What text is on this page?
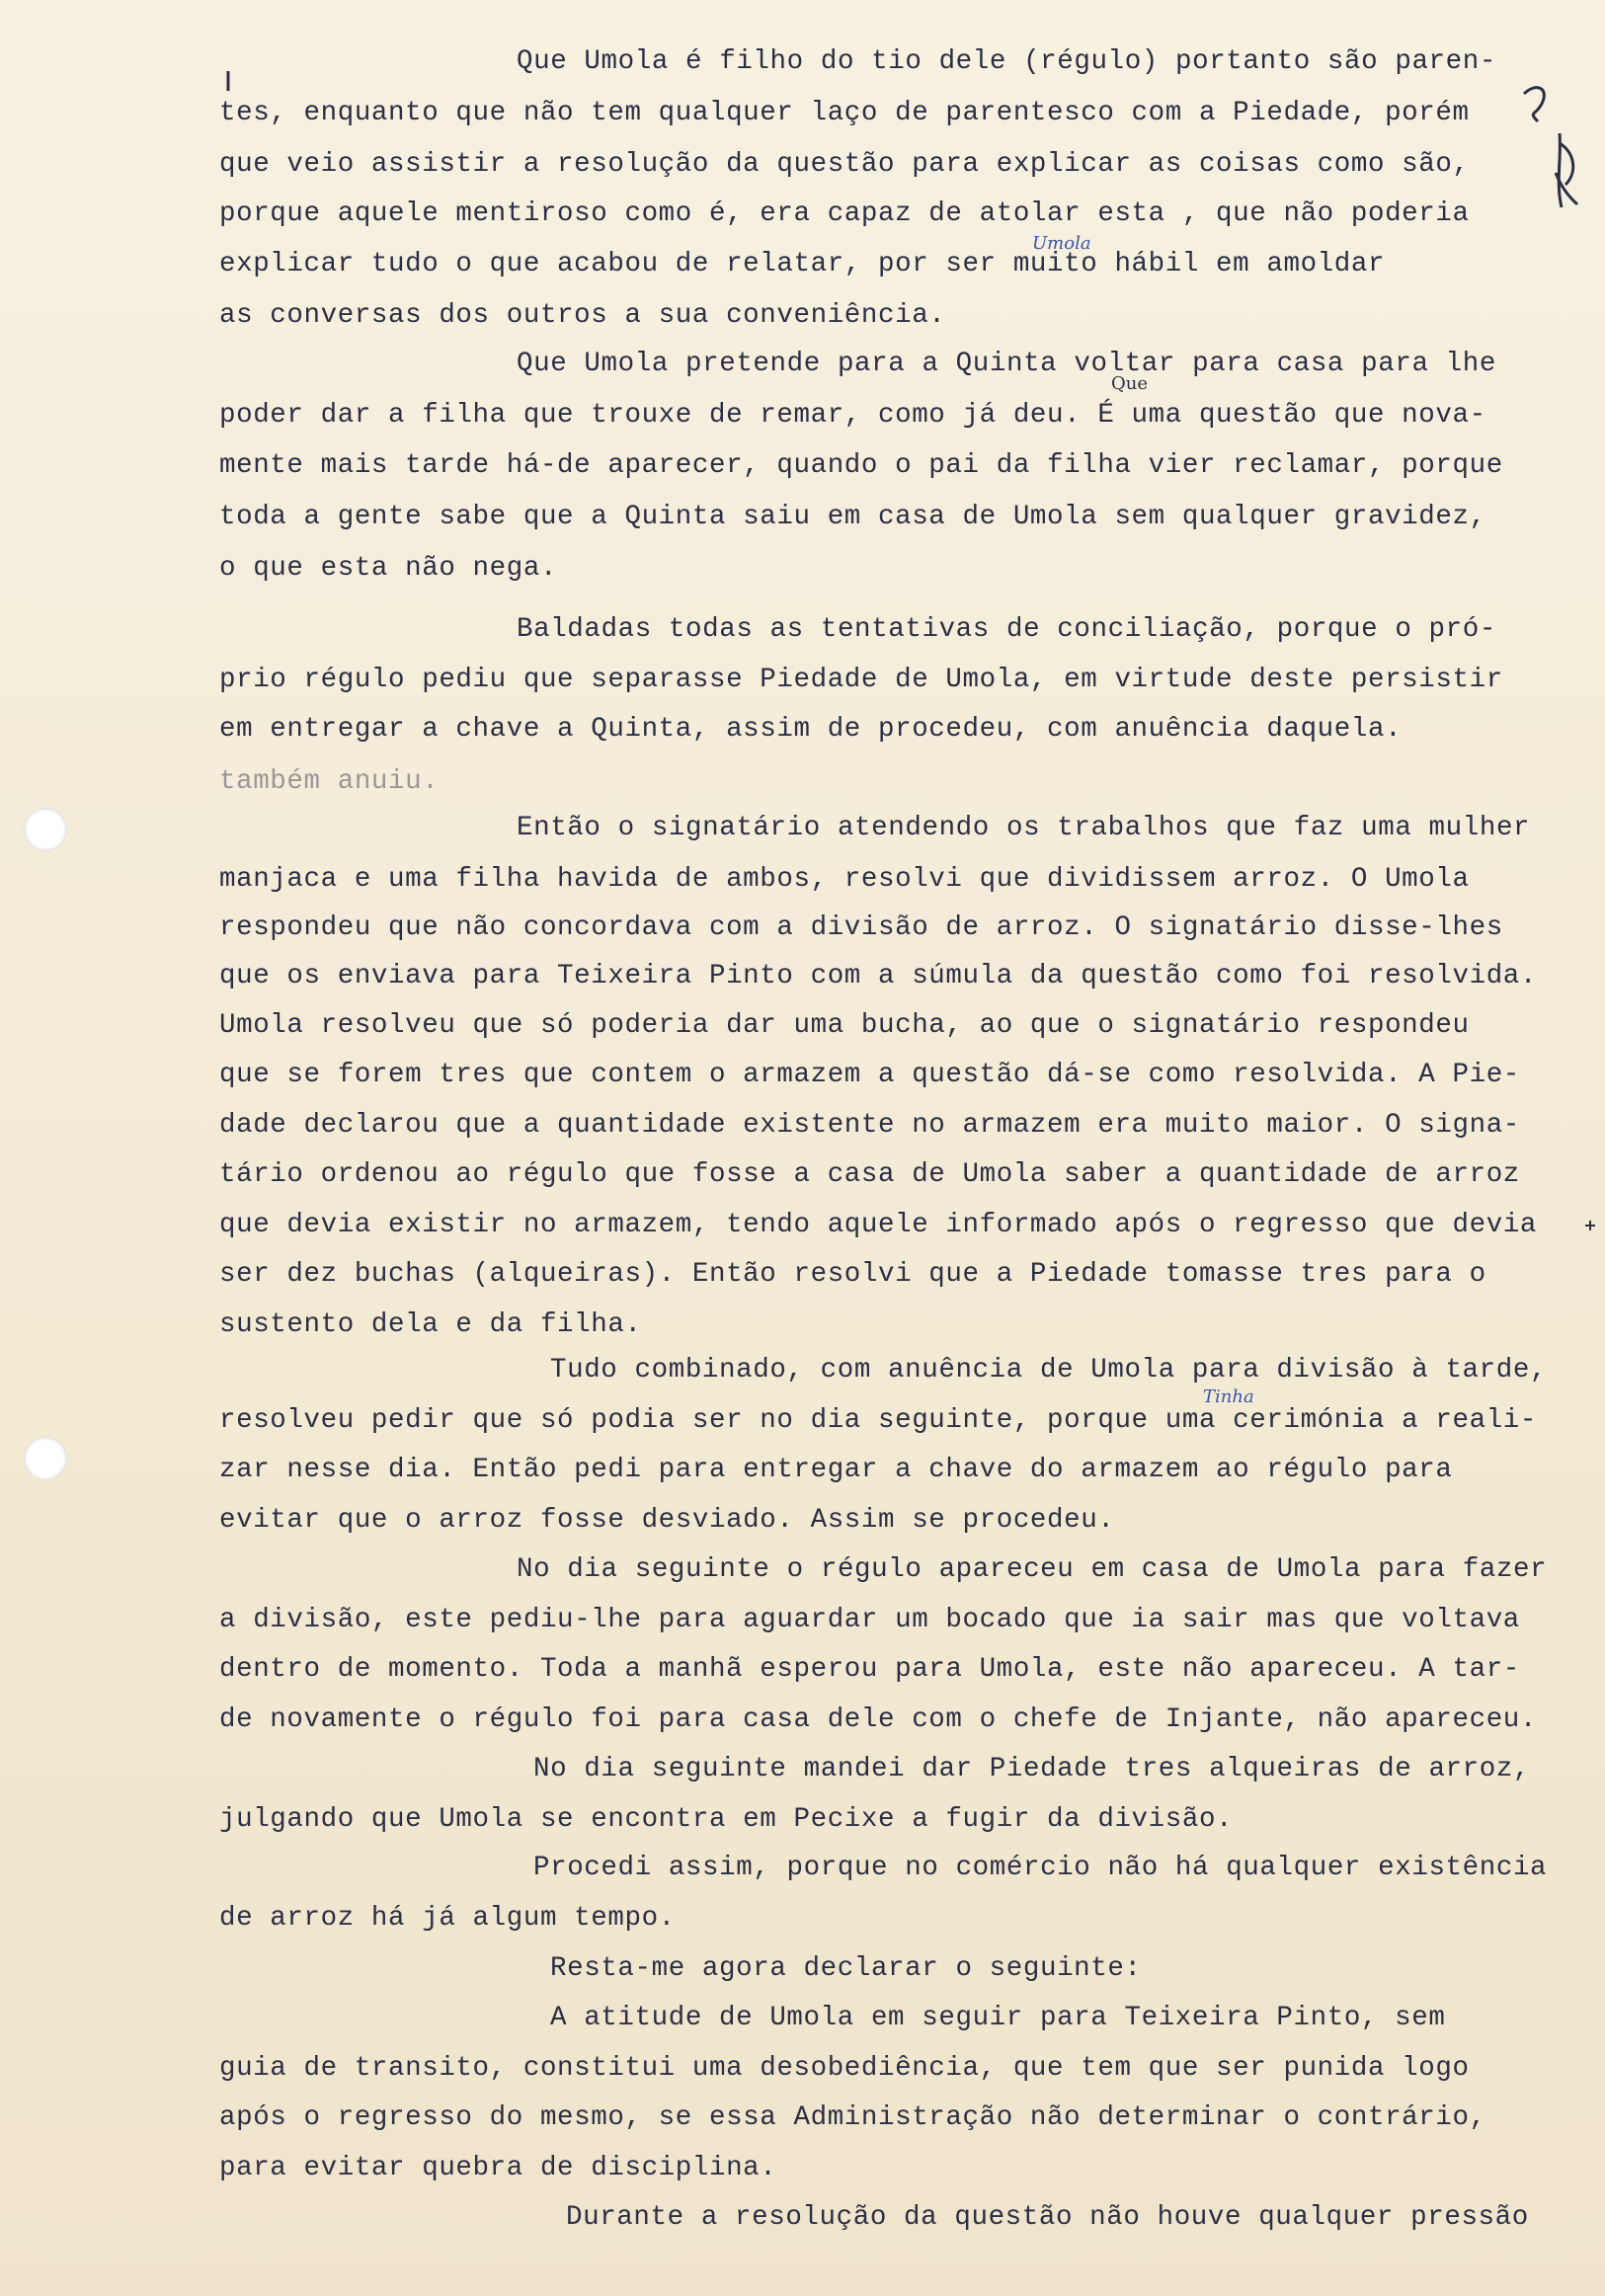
Que Umola é filho do tio dele (régulo) portanto são paren-

tes, enquanto que não tem qualquer laço de parentesco com a Piedade, porém

que veio assistir a resolução da questão para explicar as coisas como são,

porque aquele mentiroso como é, era capaz de atolar esta , que não poderia

explicar tudo o que acabou de relatar, por ser muito hábil em amoldar

as conversas dos outros a sua conveniência.

Que Umola pretende para a Quinta voltar para casa para lhe

poder dar a filha que trouxe de remar, como já deu. É uma questão que nova-

mente mais tarde há-de aparecer, quando o pai da filha vier reclamar, porque

toda a gente sabe que a Quinta saiu em casa de Umola sem qualquer gravidez,

o que esta não nega.

Baldadas todas as tentativas de conciliação, porque o pró-

prio régulo pediu que separasse Piedade de Umola, em virtude deste persistir

em entregar a chave a Quinta, assim de procedeu, com anuência daquela.

também anuiu.

Então o signatário atendendo os trabalhos que faz uma mulher

manjaca e uma filha havida de ambos, resolvi que dividissem arroz. O Umola

respondeu que não concordava com a divisão de arroz. O signatário disse-lhes

que os enviava para Teixeira Pinto com a súmula da questão como foi resolvida.

Umola resolveu que só poderia dar uma bucha, ao que o signatário respondeu

que se forem tres que contem o armazem a questão dá-se como resolvida. A Pie-

dade declarou que a quantidade existente no armazem era muito maior. O signa-

tário ordenou ao régulo que fosse a casa de Umola saber a quantidade de arroz

que devia existir no armazem, tendo aquele informado após o regresso que devia

ser dez buchas (alqueiras). Então resolvi que a Piedade tomasse tres para o

sustento dela e da filha.

Tudo combinado, com anuência de Umola para divisão à tarde,

resolveu pedir que só podia ser no dia seguinte, porque uma cerimónia a reali-

zar nesse dia. Então pedi para entregar a chave do armazem ao régulo para

evitar que o arroz fosse desviado. Assim se procedeu.

No dia seguinte o régulo apareceu em casa de Umola para fazer

a divisão, este pediu-lhe para aguardar um bocado que ia sair mas que voltava

dentro de momento. Toda a manhã esperou para Umola, este não apareceu. A tar-

de novamente o régulo foi para casa dele com o chefe de Injante, não apareceu.

No dia seguinte mandei dar Piedade tres alqueiras de arroz,

julgando que Umola se encontra em Pecixe a fugir da divisão.

Procedi assim, porque no comércio não há qualquer existência

de arroz há já algum tempo.

Resta-me agora declarar o seguinte:

A atitude de Umola em seguir para Teixeira Pinto, sem

guia de transito, constitui uma desobediência, que tem que ser punida logo

após o regresso do mesmo, se essa Administração não determinar o contrário,

para evitar quebra de disciplina.

Durante a resolução da questão não houve qualquer pressão

Umola
Que
Tinha
